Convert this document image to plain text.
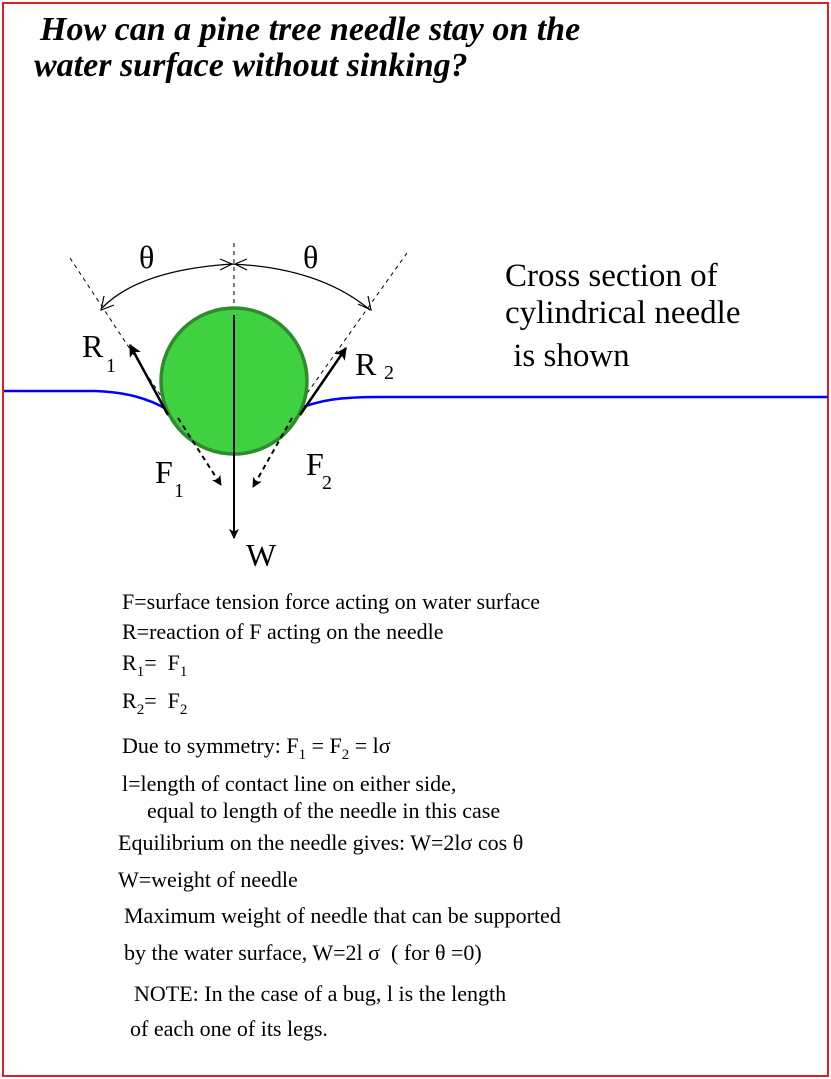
How can a pine tree needle stay on the
water surface without sinking?
θ	θ
R
1	R 2
F
1
F
2
W
Cross section of
cylindrical needle
is shown
F=surface tension force acting on water surface
R=reaction of F acting on the needle
$R_1= F_1$
$R_2= F_2$
Due to symmetry: $F_1 = F_2 = l\sigma$
l=length of contact line on either side,
equal to length of the needle in this case
Equilibrium on the needle gives: W=2lσ cos θ
W=weight of needle
Maximum weight of needle that can be supported
by the water surface, W=2l σ  ( for θ =0)
NOTE: In the case of a bug, l is the length
of each one of its legs.
